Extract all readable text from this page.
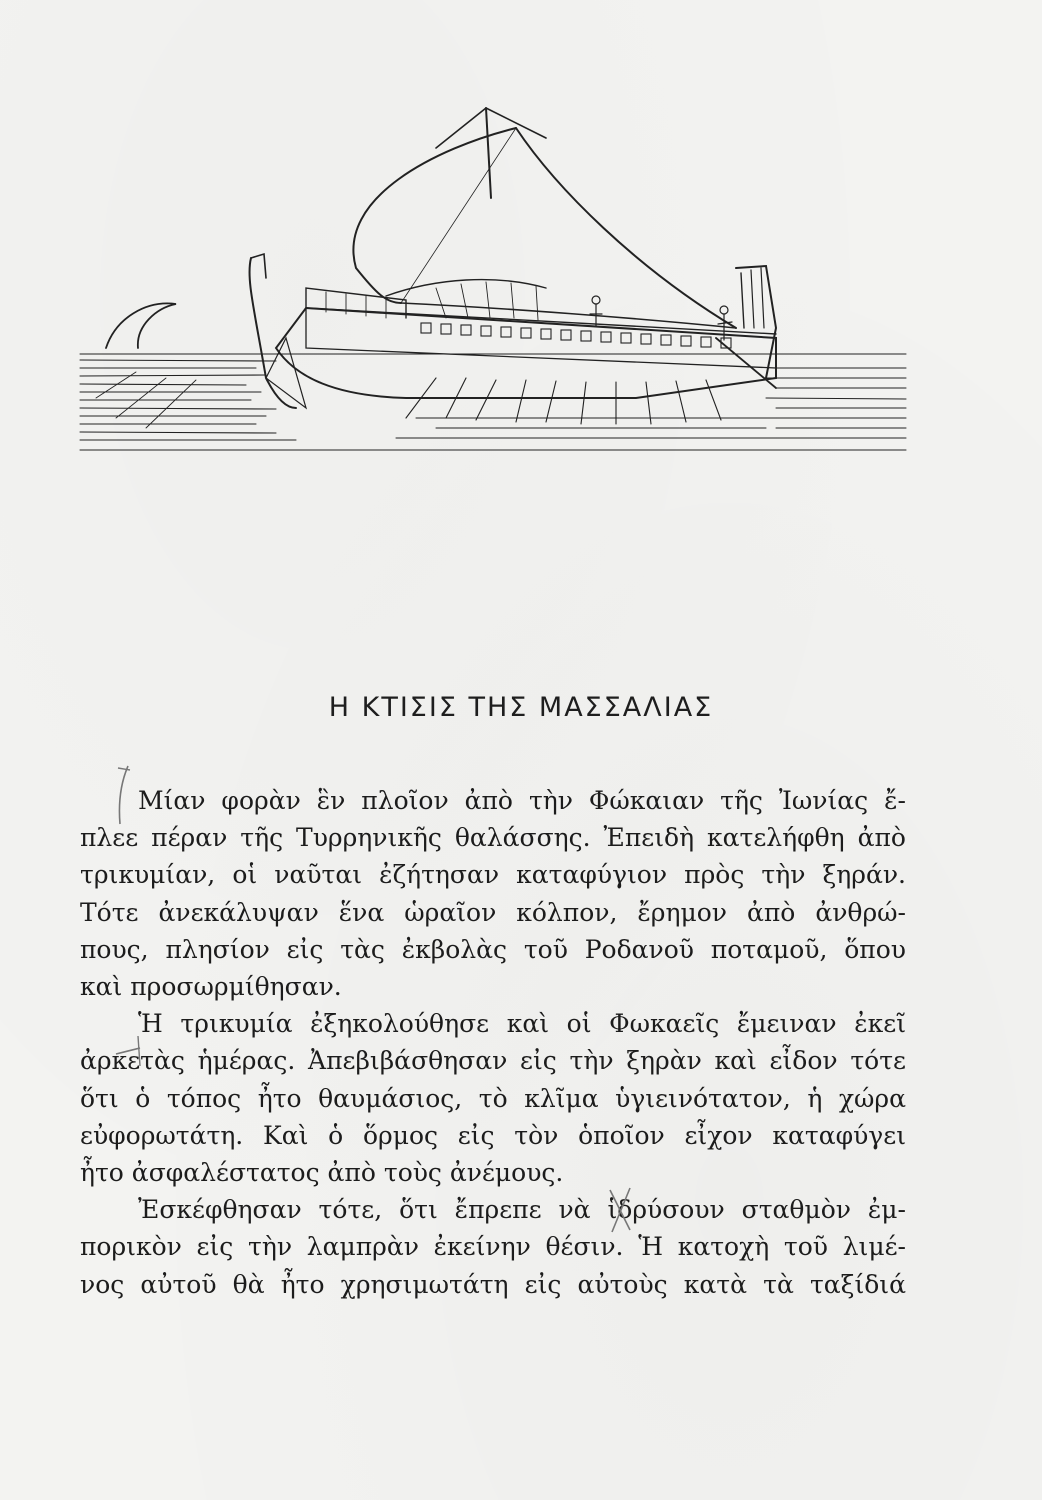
Η ΚΤΙΣΙΣ ΤΗΣ ΜΑΣΣΑΛΙΑΣ

Μίαν φορὰν ἓν πλοῖον ἀπὸ τὴν Φώκαιαν τῆς Ἰωνίας ἔ-
πλεε πέραν τῆς Τυρρηνικῆς θαλάσσης. Ἐπειδὴ κατελήφθη ἀπὸ
τρικυμίαν, οἱ ναῦται ἐζήτησαν καταφύγιον πρὸς τὴν ξηράν.
Τότε ἀνεκάλυψαν ἕνα ὡραῖον κόλπον, ἔρημον ἀπὸ ἀνθρώ-
πους, πλησίον εἰς τὰς ἐκβολὰς τοῦ Ροδανοῦ ποταμοῦ, ὅπου
καὶ προσωρμίθησαν.

Ἡ τρικυμία ἐξηκολούθησε καὶ οἱ Φωκαεῖς ἔμειναν ἐκεῖ
ἀρκετὰς ἡμέρας. Ἀπεβιβάσθησαν εἰς τὴν ξηρὰν καὶ εἶδον τότε
ὅτι ὁ τόπος ἦτο θαυμάσιος, τὸ κλῖμα ὑγιεινότατον, ἡ χώρα
εὐφορωτάτη. Καὶ ὁ ὅρμος εἰς τὸν ὁποῖον εἶχον καταφύγει
ἦτο ἀσφαλέστατος ἀπὸ τοὺς ἀνέμους.

Ἐσκέφθησαν τότε, ὅτι ἔπρεπε νὰ ἱδρύσουν σταθμὸν ἐμ-
πορικὸν εἰς τὴν λαμπρὰν ἐκείνην θέσιν. Ἡ κατοχὴ τοῦ λιμέ-
νος αὐτοῦ θὰ ἦτο χρησιμωτάτη εἰς αὐτοὺς κατὰ τὰ ταξίδιά
